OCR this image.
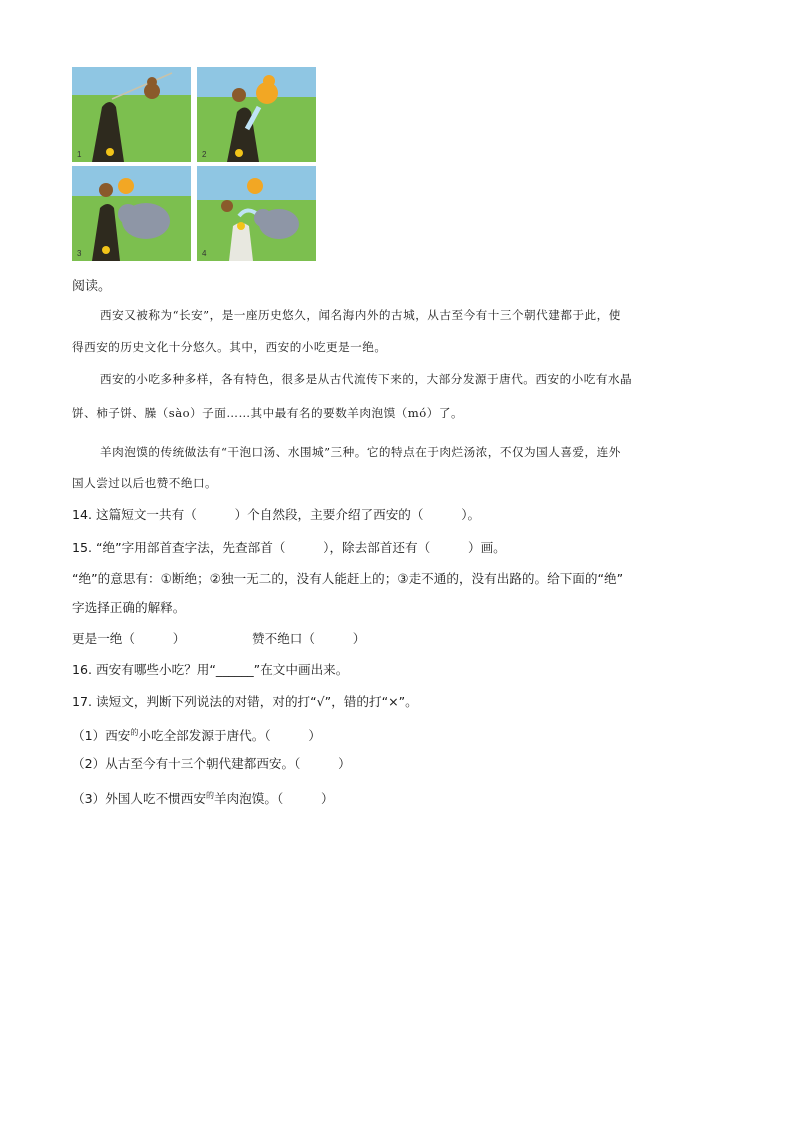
1	2
3	4
阅读。
西安又被称为“长安”，是一座历史悠久，闻名海内外的古城，从古至今有十三个朝代建都于此，使
得西安的历史文化十分悠久。其中，西安的小吃更是一绝。
西安的小吃多种多样，各有特色，很多是从古代流传下来的，大部分发源于唐代。西安的小吃有水晶
饼、柿子饼、臊（sào）子面……其中最有名的要数羊肉泡馍（mó）了。
羊肉泡馍的传统做法有“干泡口汤、水围城”三种。它的特点在于肉烂汤浓，不仅为国人喜爱，连外
国人尝过以后也赞不绝口。
14. 这篇短文一共有（　　　）个自然段，主要介绍了西安的（　　　）。
15. “绝”字用部首查字法，先查部首（　　　），除去部首还有（　　　）画。
“绝”的意思有：①断绝；②独一无二的，没有人能赶上的；③走不通的，没有出路的。给下面的“绝”
字选择正确的解释。
更是一绝（　　　）	赞不绝口（　　　）
16. 西安有哪些小吃？用“______”在文中画出来。
17. 读短文，判断下列说法的对错，对的打“√”，错的打“×”。
（1）西安$^的$小吃全部发源于唐代。（　　　）
（2）从古至今有十三个朝代建都西安。（　　　）
（3）外国人吃不惯西安$^的$羊肉泡馍。（　　　）
